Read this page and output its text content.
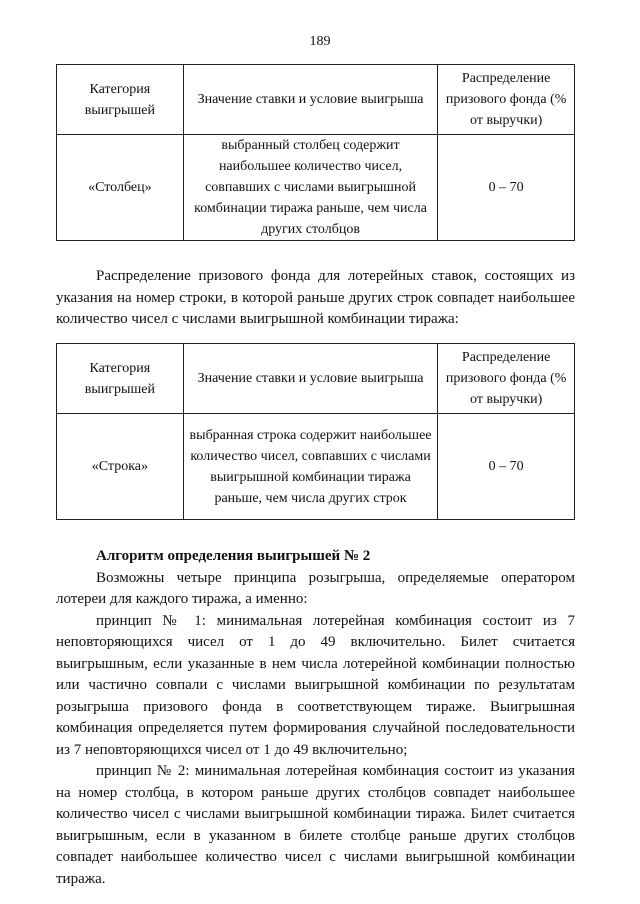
189
Категория выигрышей	Значение ставки и условие выигрыша	Распределение призового фонда (% от выручки)
«Столбец»	выбранный столбец содержит наибольшее количество чисел, совпавших с числами выигрышной комбинации тиража раньше, чем числа других столбцов	0 – 70

Распределение призового фонда для лотерейных ставок, состоящих из указания на номер строки, в которой раньше других строк совпадет наибольшее количество чисел с числами выигрышной комбинации тиража:

Категория выигрышей	Значение ставки и условие выигрыша	Распределение призового фонда (% от выручки)
«Строка»	выбранная строка содержит наибольшее количество чисел, совпавших с числами выигрышной комбинации тиража раньше, чем числа других строк	0 – 70

Алгоритм определения выигрышей № 2

Возможны четыре принципа розыгрыша, определяемые оператором лотереи для каждого тиража, а именно:

принцип № 1: минимальная лотерейная комбинация состоит из 7 неповторяющихся чисел от 1 до 49 включительно. Билет считается выигрышным, если указанные в нем числа лотерейной комбинации полностью или частично совпали с числами выигрышной комбинации по результатам розыгрыша призового фонда в соответствующем тираже. Выигрышная комбинация определяется путем формирования случайной последовательности из 7 неповторяющихся чисел от 1 до 49 включительно;

принцип № 2: минимальная лотерейная комбинация состоит из указания на номер столбца, в котором раньше других столбцов совпадет наибольшее количество чисел с числами выигрышной комбинации тиража. Билет считается выигрышным, если в указанном в билете столбце раньше других столбцов совпадет наибольшее количество чисел с числами выигрышной комбинации тиража.
